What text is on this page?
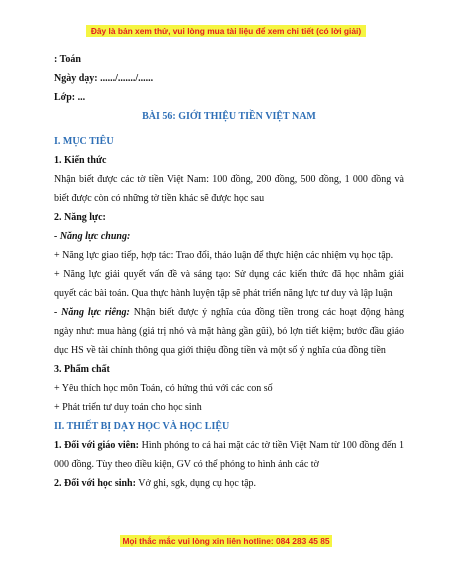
Đây là bản xem thử, vui lòng mua tài liệu để xem chi tiết (có lời giải)

: Toán

Ngày dạy: ....../......./......

Lớp: ...

BÀI 56: GIỚI THIỆU TIỀN VIỆT NAM

I. MỤC TIÊU

1. Kiến thức

Nhận biết được các tờ tiền Việt Nam: 100 đồng, 200 đồng, 500 đồng, 1 000 đồng và biết được còn có những tờ tiền khác sẽ được học sau

2. Năng lực:

- Năng lực chung:

+ Năng lực giao tiếp, hợp tác: Trao đổi, thảo luận để thực hiện các nhiệm vụ học tập.

+ Năng lực giải quyết vấn đề và sáng tạo: Sử dụng các kiến thức đã học nhằm giải quyết các bài toán. Qua thực hành luyện tập sẽ phát triển năng lực tư duy và lập luận

- Năng lực riêng: Nhận biết được ý nghĩa của đồng tiền trong các hoạt động hàng ngày như: mua hàng (giá trị nhỏ và mặt hàng gần gũi), bỏ lợn tiết kiệm; bước đầu giáo dục HS về tài chính thông qua giới thiệu đồng tiền và một số ý nghĩa của đồng tiền

3. Phẩm chất

+ Yêu thích học môn Toán, có hứng thú với các con số

+ Phát triển tư duy toán cho học sinh

II. THIẾT BỊ DẠY HỌC VÀ HỌC LIỆU

1. Đối với giáo viên: Hình phóng to cả hai mặt các tờ tiền Việt Nam từ 100 đồng đến 1 000 đồng. Tùy theo điều kiện, GV có thể phóng to hình ảnh các tờ

2. Đối với học sinh: Vở ghi, sgk, dụng cụ học tập.

Mọi thắc mắc vui lòng xin liên hotline: 084 283 45 85
